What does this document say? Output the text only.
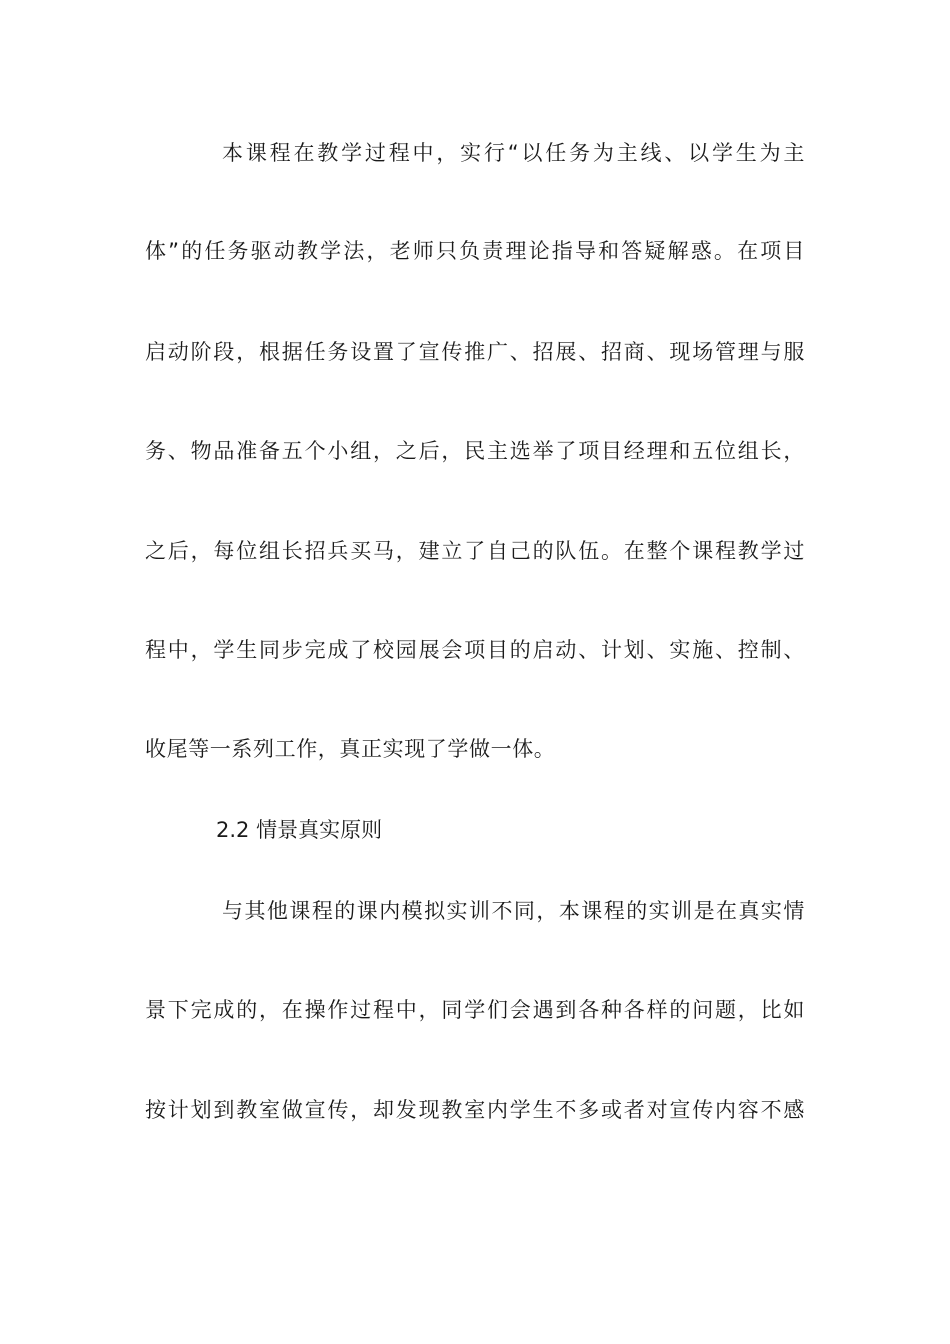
本课程在教学过程中，实行“以任务为主线、以学生为主
体”的任务驱动教学法，老师只负责理论指导和答疑解惑。在项目
启动阶段，根据任务设置了宣传推广、招展、招商、现场管理与服
务、物品准备五个小组，之后，民主选举了项目经理和五位组长，
之后，每位组长招兵买马，建立了自己的队伍。在整个课程教学过
程中，学生同步完成了校园展会项目的启动、计划、实施、控制、
收尾等一系列工作，真正实现了学做一体。
2.2 情景真实原则
与其他课程的课内模拟实训不同，本课程的实训是在真实情
景下完成的，在操作过程中，同学们会遇到各种各样的问题，比如
按计划到教室做宣传，却发现教室内学生不多或者对宣传内容不感
